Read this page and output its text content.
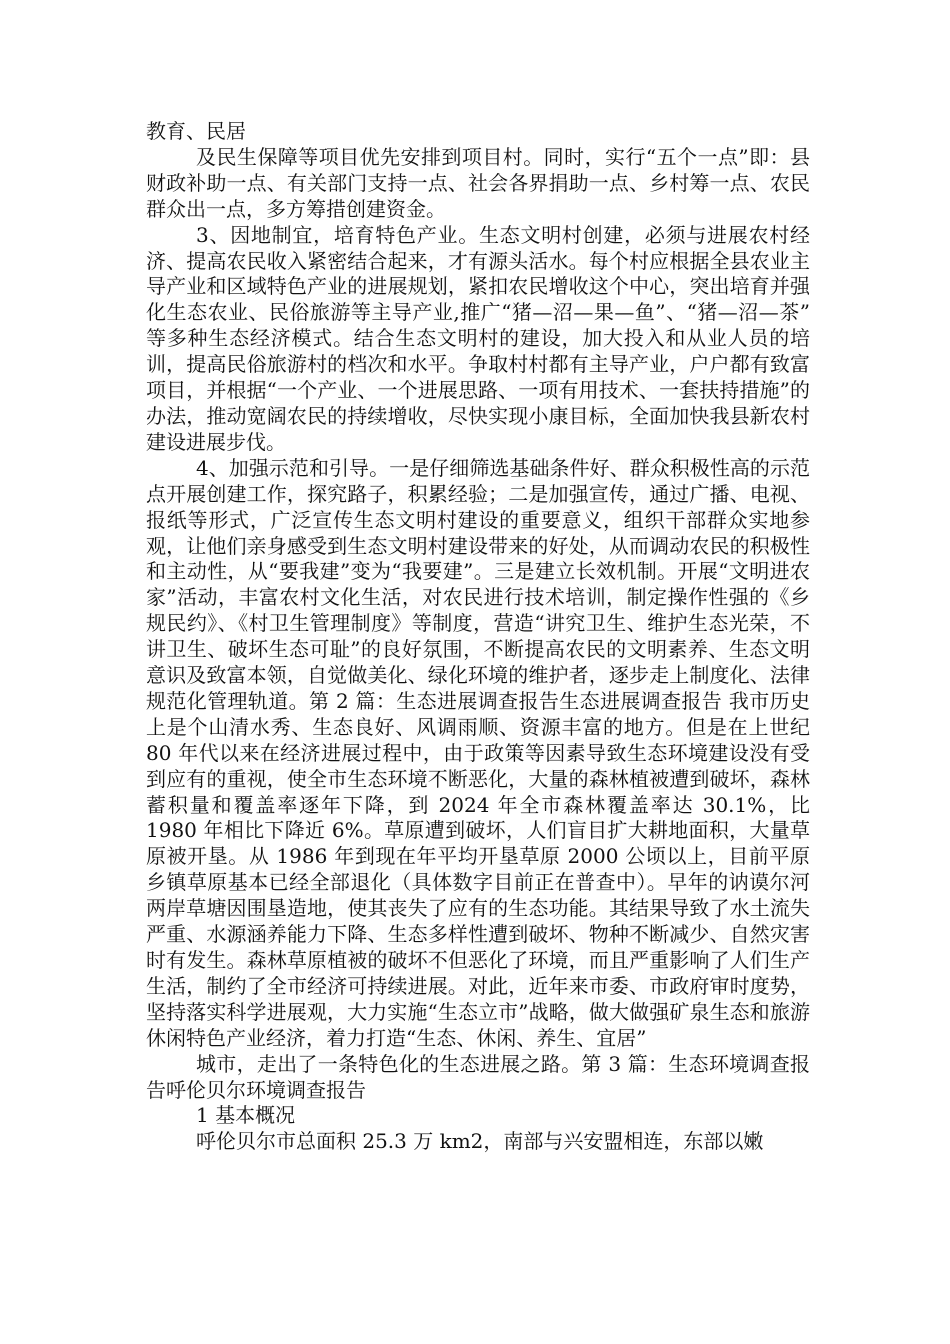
教育、民居

及民生保障等项目优先安排到项目村。同时，实行“五个一点”即：县财政补助一点、有关部门支持一点、社会各界捐助一点、乡村筹一点、农民群众出一点，多方筹措创建资金。

3、因地制宜，培育特色产业。生态文明村创建，必须与进展农村经济、提高农民收入紧密结合起来，才有源头活水。每个村应根据全县农业主导产业和区域特色产业的进展规划，紧扣农民增收这个中心，突出培育并强化生态农业、民俗旅游等主导产业,推广“猪—沼—果—鱼”、“猪—沼—茶” 等多种生态经济模式。结合生态文明村的建设，加大投入和从业人员的培训，提高民俗旅游村的档次和水平。争取村村都有主导产业，户户都有致富项目，并根据“一个产业、一个进展思路、一项有用技术、一套扶持措施”的办法，推动宽阔农民的持续增收，尽快实现小康目标，全面加快我县新农村建设进展步伐。

4、加强示范和引导。一是仔细筛选基础条件好、群众积极性高的示范点开展创建工作，探究路子，积累经验；二是加强宣传，通过广播、电视、报纸等形式，广泛宣传生态文明村建设的重要意义，组织干部群众实地参观，让他们亲身感受到生态文明村建设带来的好处，从而调动农民的积极性和主动性，从“要我建”变为“我要建”。三是建立长效机制。开展“文明进农家”活动，丰富农村文化生活，对农民进行技术培训，制定操作性强的《乡规民约》、《村卫生管理制度》等制度，营造“讲究卫生、维护生态光荣，不讲卫生、破坏生态可耻”的良好氛围，不断提高农民的文明素养、生态文明意识及致富本领，自觉做美化、绿化环境的维护者，逐步走上制度化、法律规范化管理轨道。第 2 篇：生态进展调查报告生态进展调查报告 我市历史上是个山清水秀、生态良好、风调雨顺、资源丰富的地方。但是在上世纪 80 年代以来在经济进展过程中，由于政策等因素导致生态环境建设没有受到应有的重视，使全市生态环境不断恶化，大量的森林植被遭到破坏，森林蓄积量和覆盖率逐年下降，到 2024 年全市森林覆盖率达 30.1%，比 1980 年相比下降近 6%。草原遭到破坏，人们盲目扩大耕地面积，大量草原被开垦。从 1986 年到现在年平均开垦草原 2000 公顷以上，目前平原乡镇草原基本已经全部退化（具体数字目前正在普查中）。早年的讷谟尔河两岸草塘因围垦造地，使其丧失了应有的生态功能。其结果导致了水土流失严重、水源涵养能力下降、生态多样性遭到破坏、物种不断减少、自然灾害时有发生。森林草原植被的破坏不但恶化了环境，而且严重影响了人们生产生活，制约了全市经济可持续进展。对此，近年来市委、市政府审时度势，坚持落实科学进展观，大力实施“生态立市”战略，做大做强矿泉生态和旅游休闲特色产业经济，着力打造“生态、休闲、养生、宜居”

城市，走出了一条特色化的生态进展之路。第 3 篇：生态环境调查报告呼伦贝尔环境调查报告

1 基本概况

呼伦贝尔市总面积 25.3 万 km2，南部与兴安盟相连，东部以嫩
